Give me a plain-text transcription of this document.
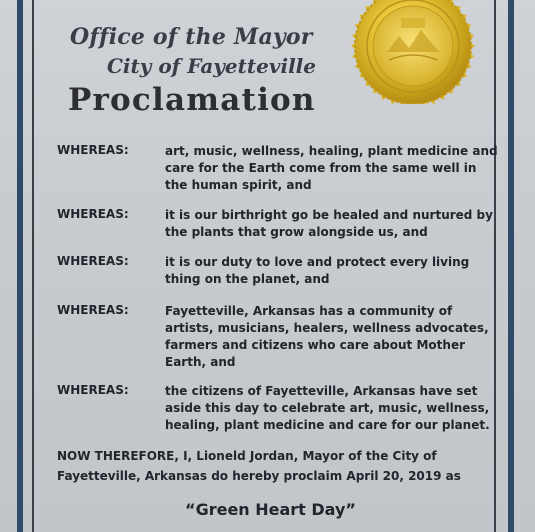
Office of the Mayor
City of Fayetteville
Proclamation
WHEREAS:	art, music, wellness, healing, plant medicine and
care for the Earth come from the same well in
the human spirit, and
WHEREAS:	it is our birthright go be healed and nurtured by
the plants that grow alongside us, and
WHEREAS:	it is our duty to love and protect every living
thing on the planet, and
WHEREAS:	Fayetteville, Arkansas has a community of
artists, musicians, healers, wellness advocates,
farmers and citizens who care about Mother
Earth, and
WHEREAS:	the citizens of Fayetteville, Arkansas have set
aside this day to celebrate art, music, wellness,
healing, plant medicine and care for our planet.
NOW THEREFORE, I, Lioneld Jordan, Mayor of the City of
Fayetteville, Arkansas do hereby proclaim April 20, 2019 as
“Green Heart Day”
